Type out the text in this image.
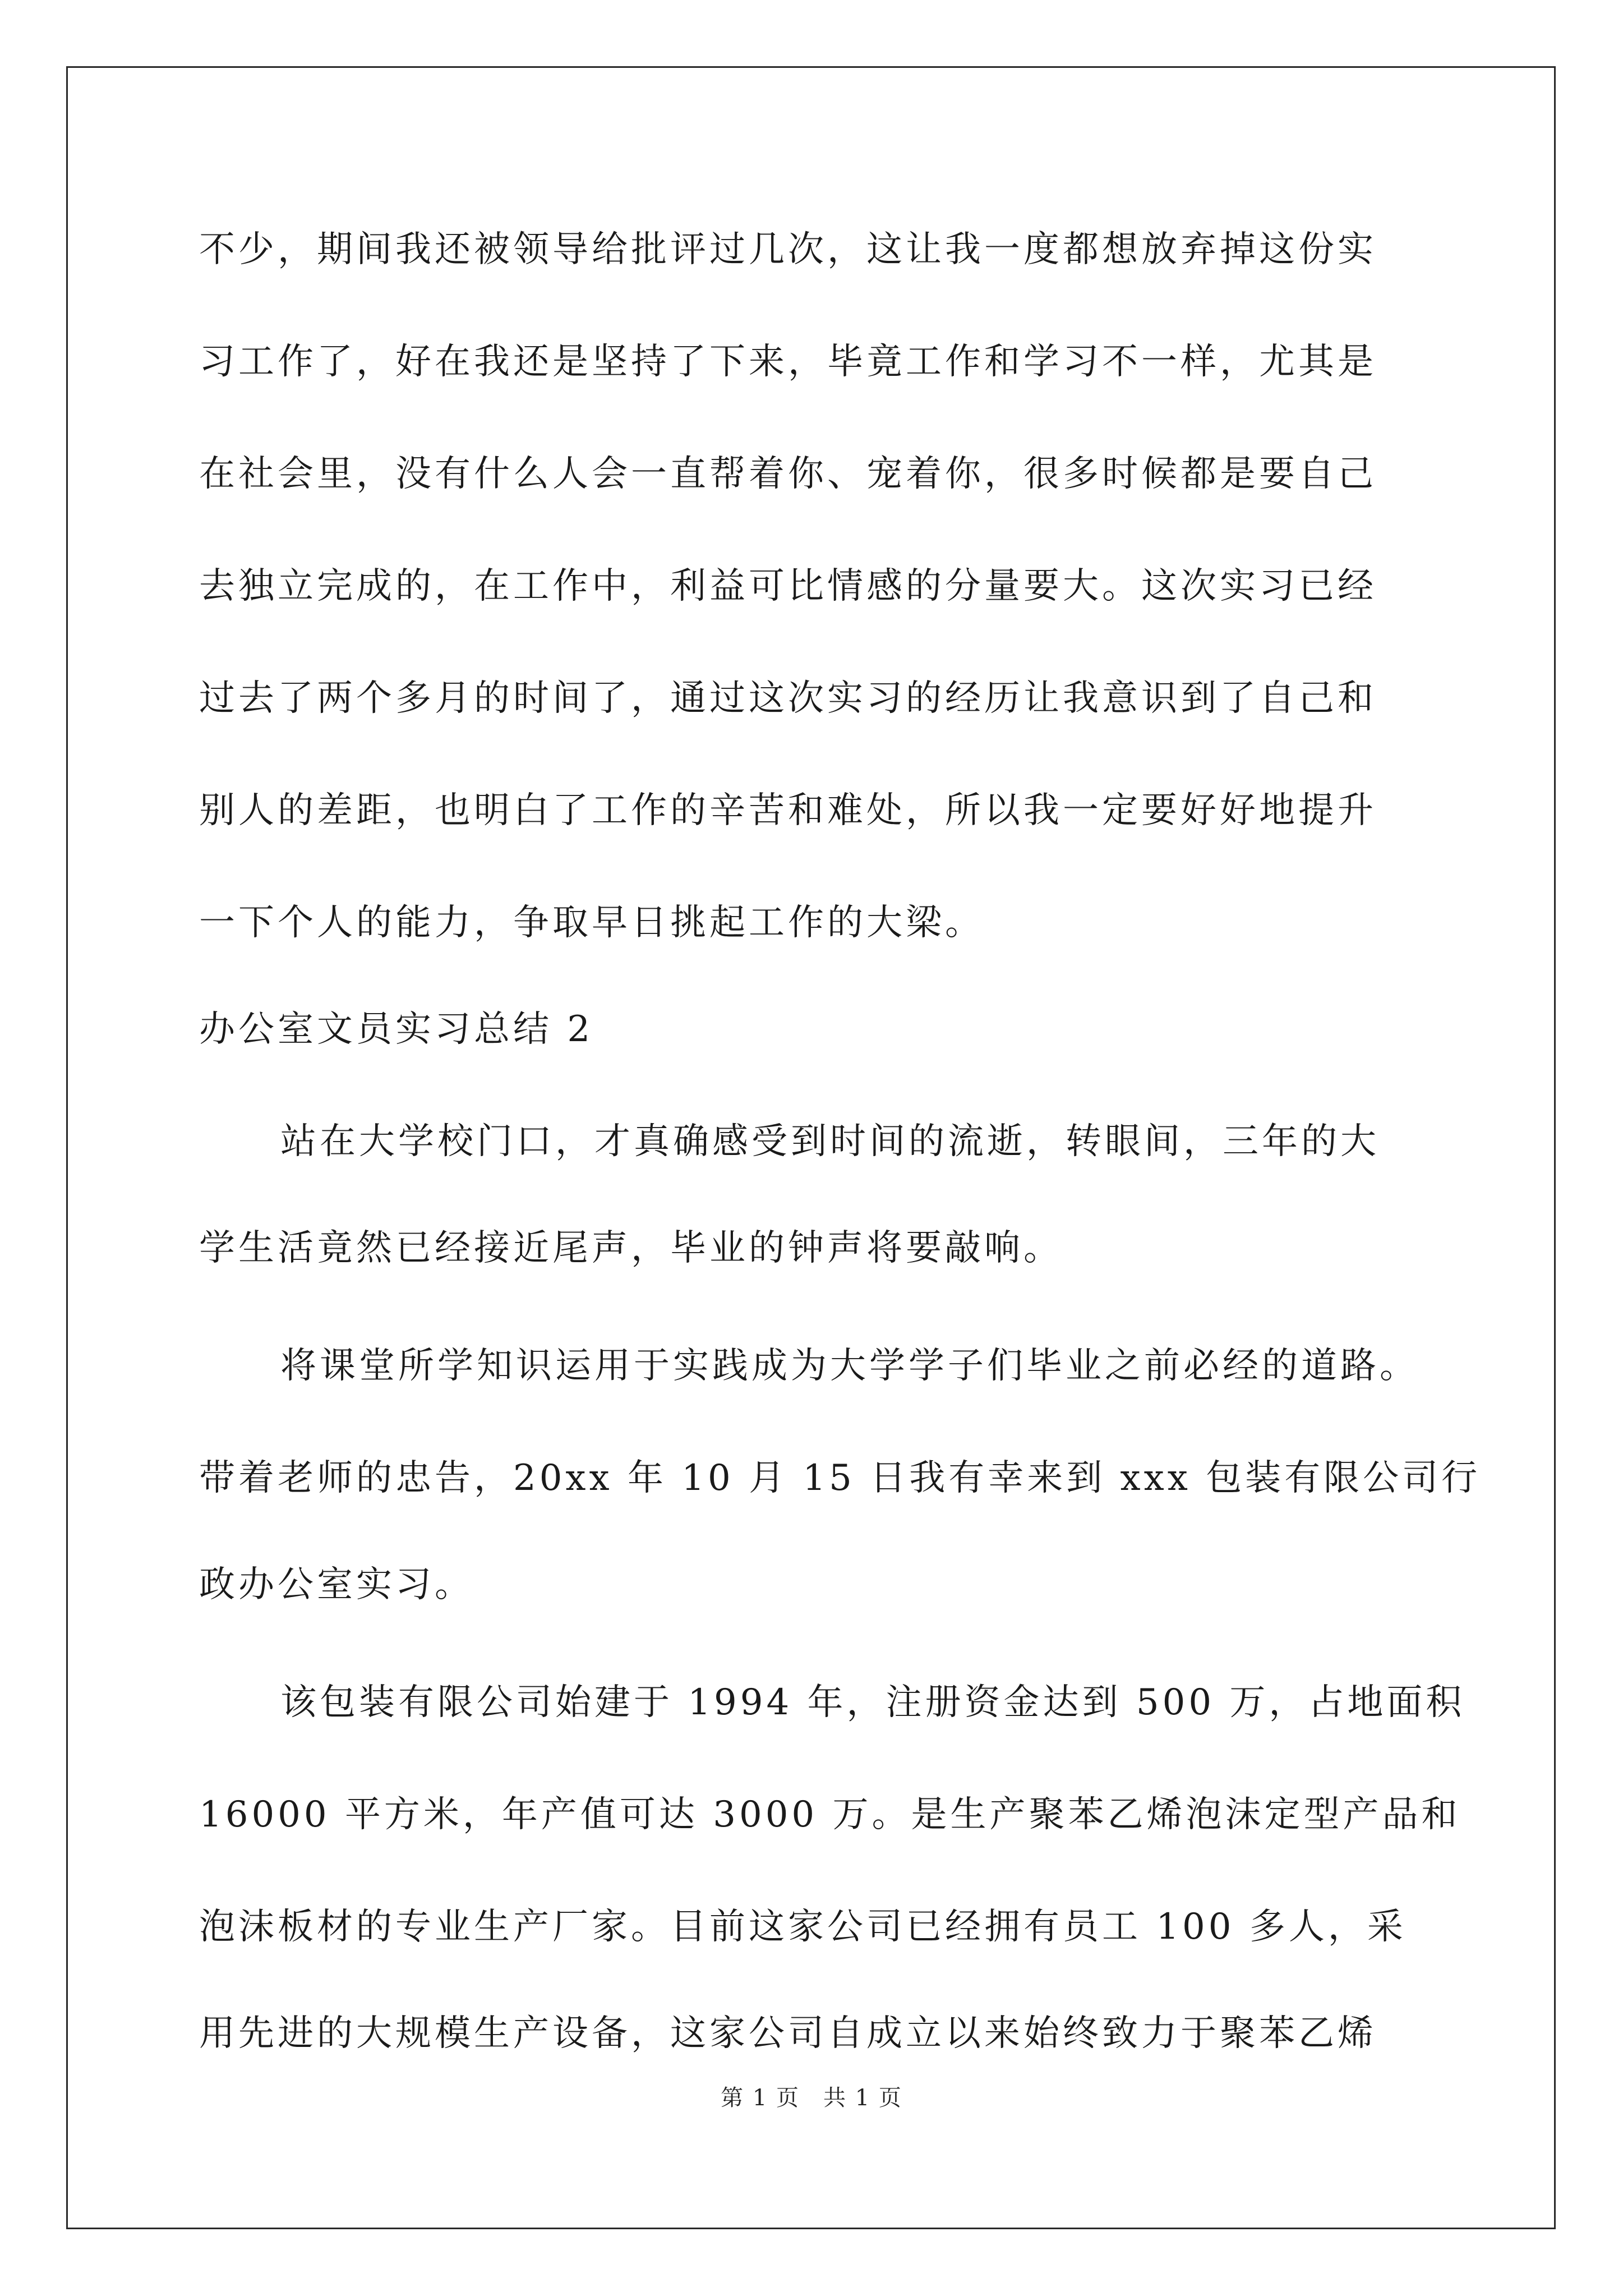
不少，期间我还被领导给批评过几次，这让我一度都想放弃掉这份实
习工作了，好在我还是坚持了下来，毕竟工作和学习不一样，尤其是
在社会里，没有什么人会一直帮着你、宠着你，很多时候都是要自己
去独立完成的，在工作中，利益可比情感的分量要大。这次实习已经
过去了两个多月的时间了，通过这次实习的经历让我意识到了自己和
别人的差距，也明白了工作的辛苦和难处，所以我一定要好好地提升
一下个人的能力，争取早日挑起工作的大梁。
办公室文员实习总结 2
站在大学校门口，才真确感受到时间的流逝，转眼间，三年的大
学生活竟然已经接近尾声，毕业的钟声将要敲响。
将课堂所学知识运用于实践成为大学学子们毕业之前必经的道路。
带着老师的忠告，20xx 年 10 月 15 日我有幸来到 xxx 包装有限公司行
政办公室实习。
该包装有限公司始建于 1994 年，注册资金达到 500 万，占地面积
16000 平方米，年产值可达 3000 万。是生产聚苯乙烯泡沫定型产品和
泡沫板材的专业生产厂家。目前这家公司已经拥有员工 100 多人，采
用先进的大规模生产设备，这家公司自成立以来始终致力于聚苯乙烯
第 1 页　共 1 页
